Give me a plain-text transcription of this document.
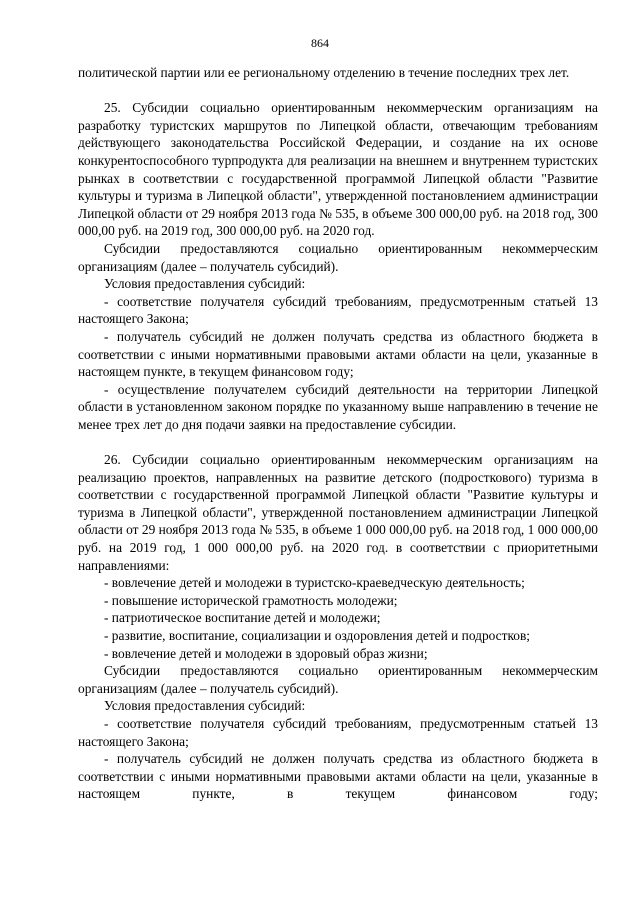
864

политической партии или ее региональному отделению в течение последних трех лет.

25. Субсидии социально ориентированным некоммерческим организациям на разработку туристских маршрутов по Липецкой области, отвечающим требованиям действующего законодательства Российской Федерации, и создание на их основе конкурентоспособного турпродукта для реализации на внешнем и внутреннем туристских рынках в соответствии с государственной программой Липецкой области "Развитие культуры и туризма в Липецкой области", утвержденной постановлением администрации Липецкой области от 29 ноября 2013 года № 535, в объеме 300 000,00 руб. на 2018 год, 300 000,00 руб. на 2019 год, 300 000,00 руб. на 2020 год.

Субсидии предоставляются социально ориентированным некоммерческим организациям (далее – получатель субсидий).

Условия предоставления субсидий:

- соответствие получателя субсидий требованиям, предусмотренным статьей 13 настоящего Закона;

- получатель субсидий не должен получать средства из областного бюджета в соответствии с иными нормативными правовыми актами области на цели, указанные в настоящем пункте, в текущем финансовом году;

- осуществление получателем субсидий деятельности на территории Липецкой области в установленном законом порядке по указанному выше направлению в течение не менее трех лет до дня подачи заявки на предоставление субсидии.

26. Субсидии социально ориентированным некоммерческим организациям на реализацию проектов, направленных на развитие детского (подросткового) туризма в соответствии с государственной программой Липецкой области "Развитие культуры и туризма в Липецкой области", утвержденной постановлением администрации Липецкой области от 29 ноября 2013 года № 535, в объеме 1 000 000,00 руб. на 2018 год, 1 000 000,00 руб. на 2019 год, 1 000 000,00 руб. на 2020 год. в соответствии с приоритетными направлениями:

- вовлечение детей и молодежи в туристско-краеведческую деятельность;

- повышение исторической грамотность молодежи;

- патриотическое воспитание детей и молодежи;

- развитие, воспитание, социализации и оздоровления детей и подростков;

- вовлечение детей и молодежи в здоровый образ жизни;

Субсидии предоставляются социально ориентированным некоммерческим организациям (далее – получатель субсидий).

Условия предоставления субсидий:

- соответствие получателя субсидий требованиям, предусмотренным статьей 13 настоящего Закона;

- получатель субсидий не должен получать средства из областного бюджета в соответствии с иными нормативными правовыми актами области на цели, указанные в настоящем пункте, в текущем финансовом году;
